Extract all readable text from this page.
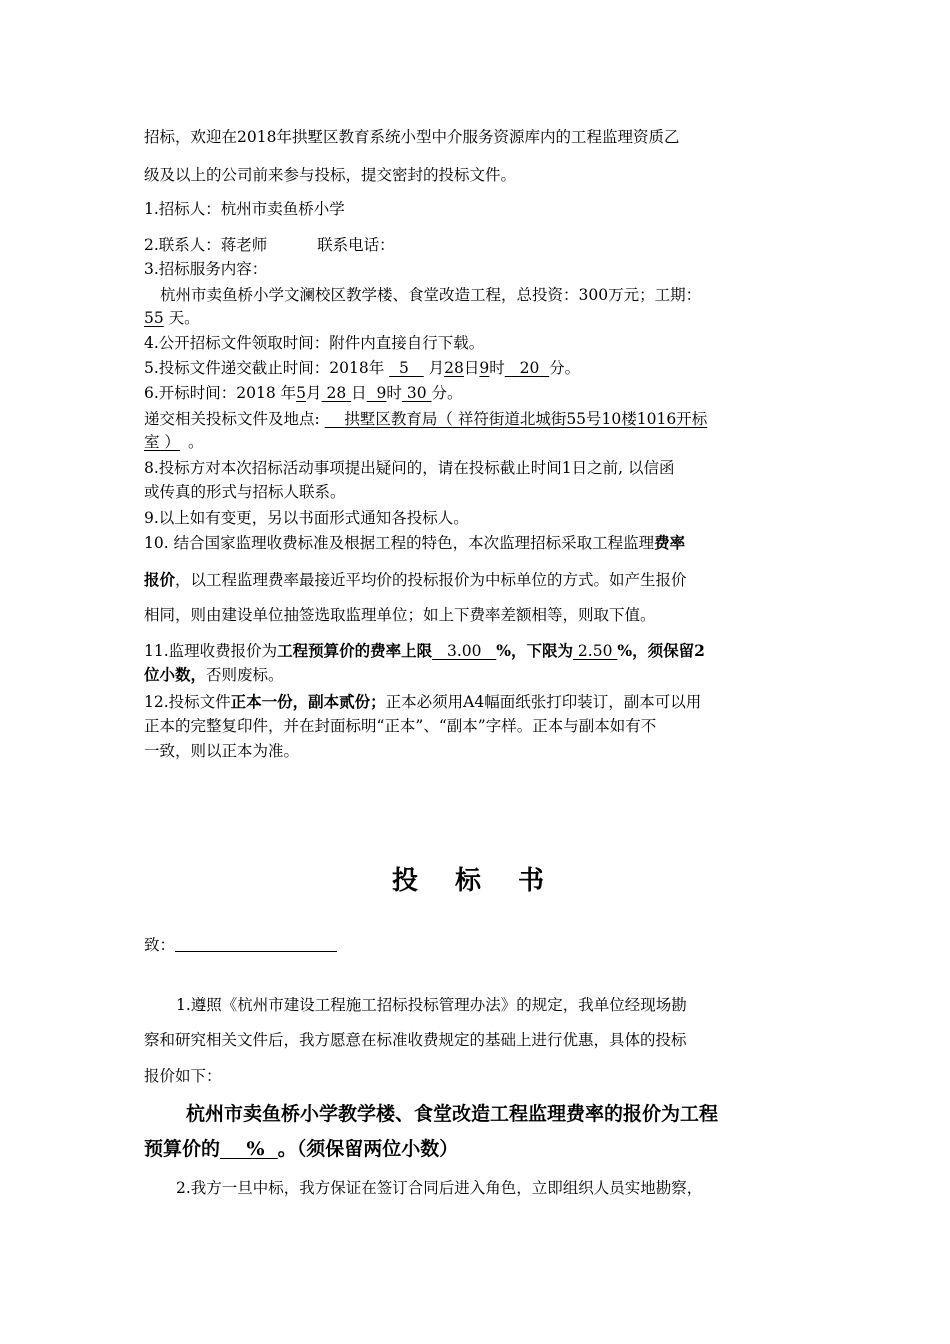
招标，欢迎在2018年拱墅区教育系统小型中介服务资源库内的工程监理资质乙
级及以上的公司前来参与投标，提交密封的投标文件。
1.招标人：杭州市卖鱼桥小学
2.联系人：蒋老师	联系电话：
3.招标服务内容：
杭州市卖鱼桥小学文澜校区教学楼、食堂改造工程，总投资：300万元；工期：
55 天。
4.公开招标文件领取时间：附件内直接自行下载。
5.投标文件递交截止时间：2018年 5 月28日9时 20 分。
6.开标时间：2018 年5月 28 日 9时 30 分。
递交相关投标文件及地点: 拱墅区教育局（ 祥符街道北城街55号10楼1016开标
室 ） 。
8.投标方对本次招标活动事项提出疑问的，请在投标截止时间1日之前, 以信函
或传真的形式与招标人联系。
9.以上如有变更，另以书面形式通知各投标人。
10. 结合国家监理收费标准及根据工程的特色，本次监理招标采取工程监理费率
报价，以工程监理费率最接近平均价的投标报价为中标单位的方式。如产生报价
相同，则由建设单位抽签选取监理单位；如上下费率差额相等，则取下值。
11.监理收费报价为工程预算价的费率上限 3.00 %，下限为 2.50 %，须保留2
位小数，否则废标。
12.投标文件正本一份，副本贰份；正本必须用A4幅面纸张打印装订，副本可以用
正本的完整复印件，并在封面标明“正本”、“副本”字样。正本与副本如有不
一致，则以正本为准。
投 标 书
致：
1.遵照《杭州市建设工程施工招标投标管理办法》的规定，我单位经现场勘
察和研究相关文件后，我方愿意在标准收费规定的基础上进行优惠，具体的投标
报价如下：
杭州市卖鱼桥小学教学楼、食堂改造工程监理费率的报价为工程
预算价的 % 。（须保留两位小数）
2.我方一旦中标，我方保证在签订合同后进入角色，立即组织人员实地勘察，
